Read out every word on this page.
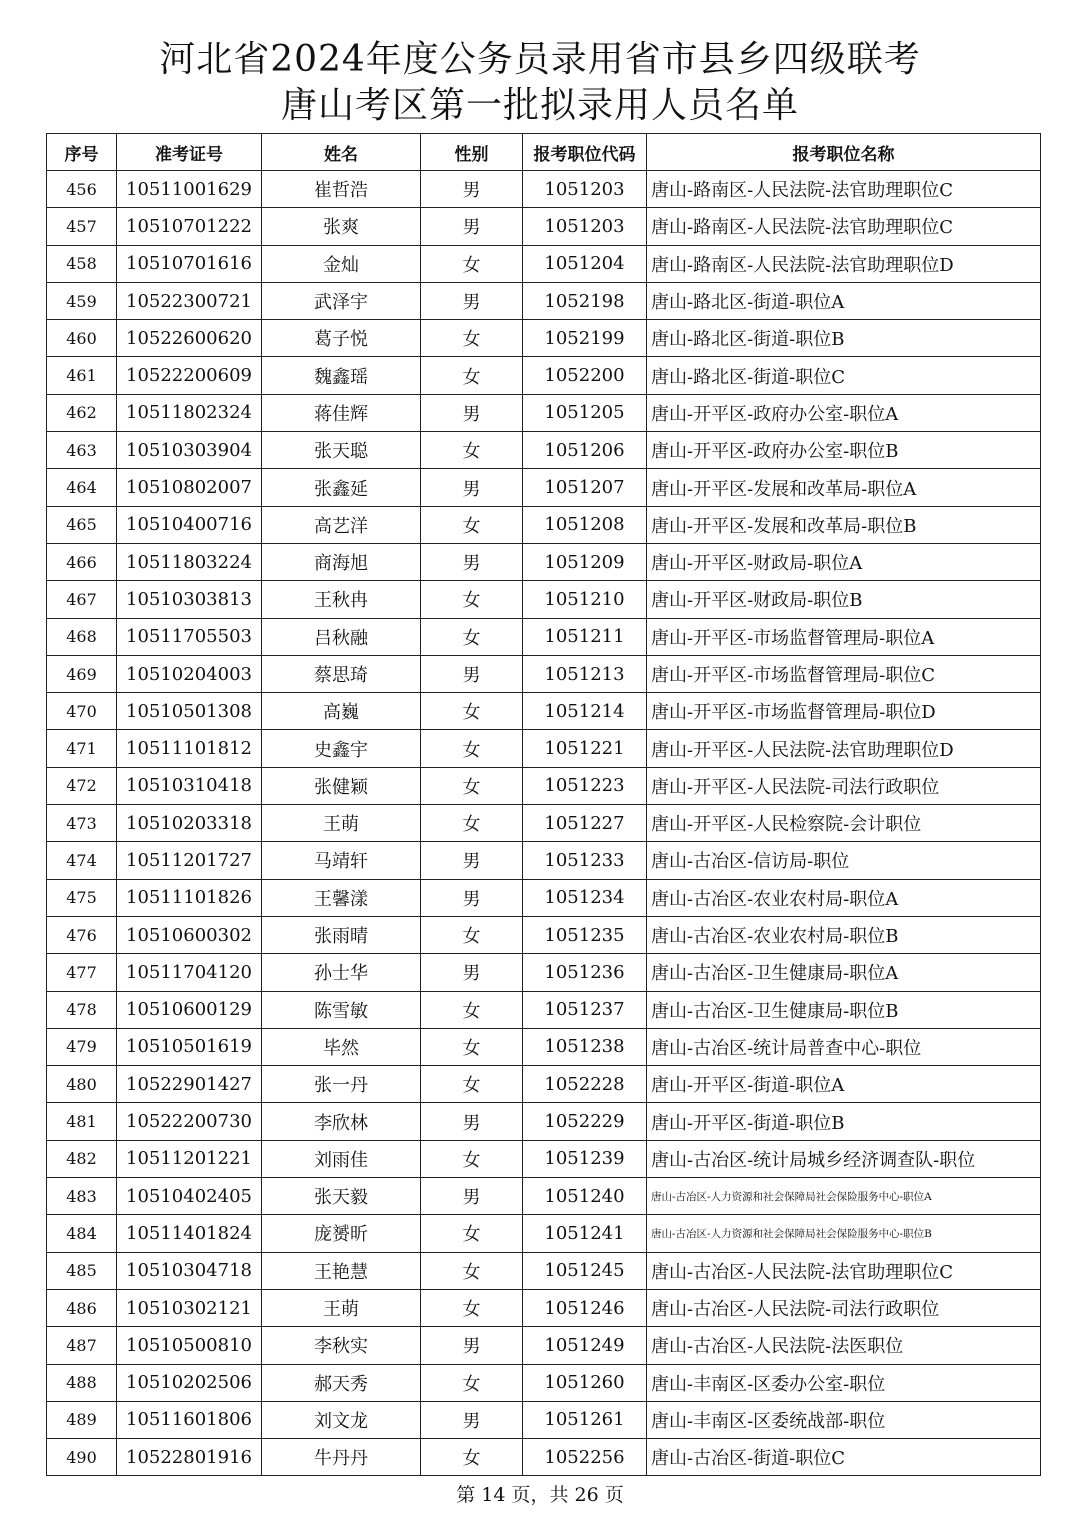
河北省2024年度公务员录用省市县乡四级联考
唐山考区第一批拟录用人员名单
序号	准考证号	姓名	性别	报考职位代码	报考职位名称
456	10511001629	崔哲浩	男	1051203	唐山-路南区-人民法院-法官助理职位C
457	10510701222	张爽	男	1051203	唐山-路南区-人民法院-法官助理职位C
458	10510701616	金灿	女	1051204	唐山-路南区-人民法院-法官助理职位D
459	10522300721	武泽宇	男	1052198	唐山-路北区-街道-职位A
460	10522600620	葛子悦	女	1052199	唐山-路北区-街道-职位B
461	10522200609	魏鑫瑶	女	1052200	唐山-路北区-街道-职位C
462	10511802324	蒋佳辉	男	1051205	唐山-开平区-政府办公室-职位A
463	10510303904	张天聪	女	1051206	唐山-开平区-政府办公室-职位B
464	10510802007	张鑫延	男	1051207	唐山-开平区-发展和改革局-职位A
465	10510400716	高艺洋	女	1051208	唐山-开平区-发展和改革局-职位B
466	10511803224	商海旭	男	1051209	唐山-开平区-财政局-职位A
467	10510303813	王秋冉	女	1051210	唐山-开平区-财政局-职位B
468	10511705503	吕秋融	女	1051211	唐山-开平区-市场监督管理局-职位A
469	10510204003	蔡思琦	男	1051213	唐山-开平区-市场监督管理局-职位C
470	10510501308	高巍	女	1051214	唐山-开平区-市场监督管理局-职位D
471	10511101812	史鑫宇	女	1051221	唐山-开平区-人民法院-法官助理职位D
472	10510310418	张健颖	女	1051223	唐山-开平区-人民法院-司法行政职位
473	10510203318	王萌	女	1051227	唐山-开平区-人民检察院-会计职位
474	10511201727	马靖轩	男	1051233	唐山-古冶区-信访局-职位
475	10511101826	王馨漾	男	1051234	唐山-古冶区-农业农村局-职位A
476	10510600302	张雨晴	女	1051235	唐山-古冶区-农业农村局-职位B
477	10511704120	孙士华	男	1051236	唐山-古冶区-卫生健康局-职位A
478	10510600129	陈雪敏	女	1051237	唐山-古冶区-卫生健康局-职位B
479	10510501619	毕然	女	1051238	唐山-古冶区-统计局普查中心-职位
480	10522901427	张一丹	女	1052228	唐山-开平区-街道-职位A
481	10522200730	李欣林	男	1052229	唐山-开平区-街道-职位B
482	10511201221	刘雨佳	女	1051239	唐山-古冶区-统计局城乡经济调查队-职位
483	10510402405	张天毅	男	1051240	唐山-古冶区-人力资源和社会保障局社会保险服务中心-职位A
484	10511401824	庞赟昕	女	1051241	唐山-古冶区-人力资源和社会保障局社会保险服务中心-职位B
485	10510304718	王艳慧	女	1051245	唐山-古冶区-人民法院-法官助理职位C
486	10510302121	王萌	女	1051246	唐山-古冶区-人民法院-司法行政职位
487	10510500810	李秋实	男	1051249	唐山-古冶区-人民法院-法医职位
488	10510202506	郝天秀	女	1051260	唐山-丰南区-区委办公室-职位
489	10511601806	刘文龙	男	1051261	唐山-丰南区-区委统战部-职位
490	10522801916	牛丹丹	女	1052256	唐山-古冶区-街道-职位C
第 14 页，共 26 页
